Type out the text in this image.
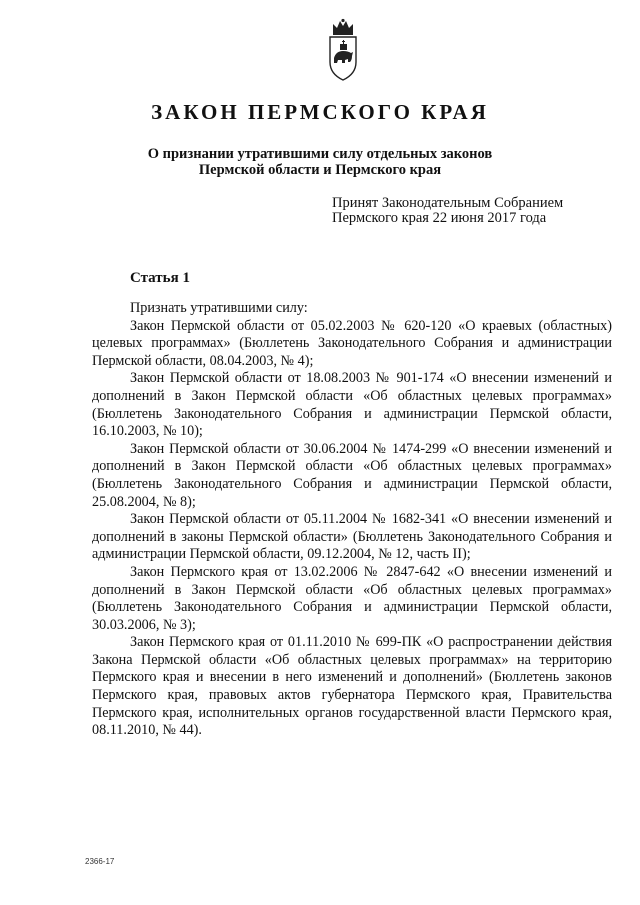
ЗАКОН ПЕРМСКОГО КРАЯ
О признании утратившими силу отдельных законов
Пермской области и Пермского края
Принят Законодательным Собранием
Пермского края 22 июня 2017 года
Статья 1

Признать утратившими силу:

Закон Пермской области от 05.02.2003 № 620-120 «О краевых (областных) целевых программах» (Бюллетень Законодательного Собрания и администрации Пермской области, 08.04.2003, № 4);

Закон Пермской области от 18.08.2003 № 901-174 «О внесении изменений и дополнений в Закон Пермской области «Об областных целевых программах» (Бюллетень Законодательного Собрания и администрации Пермской области, 16.10.2003, № 10);

Закон Пермской области от 30.06.2004 № 1474-299 «О внесении изменений и дополнений в Закон Пермской области «Об областных целевых программах» (Бюллетень Законодательного Собрания и администрации Пермской области, 25.08.2004, № 8);

Закон Пермской области от 05.11.2004 № 1682-341 «О внесении изменений и дополнений в законы Пермской области» (Бюллетень Законодательного Собрания и администрации Пермской области, 09.12.2004, № 12, часть II);

Закон Пермского края от 13.02.2006 № 2847-642 «О внесении изменений и дополнений в Закон Пермской области «Об областных целевых программах» (Бюллетень Законодательного Собрания и администрации Пермской области, 30.03.2006, № 3);

Закон Пермского края от 01.11.2010 № 699-ПК «О распространении действия Закона Пермской области «Об областных целевых программах» на территорию Пермского края и внесении в него изменений и дополнений» (Бюллетень законов Пермского края, правовых актов губернатора Пермского края, Правительства Пермского края, исполнительных органов государственной власти Пермского края, 08.11.2010, № 44).

2366-17
